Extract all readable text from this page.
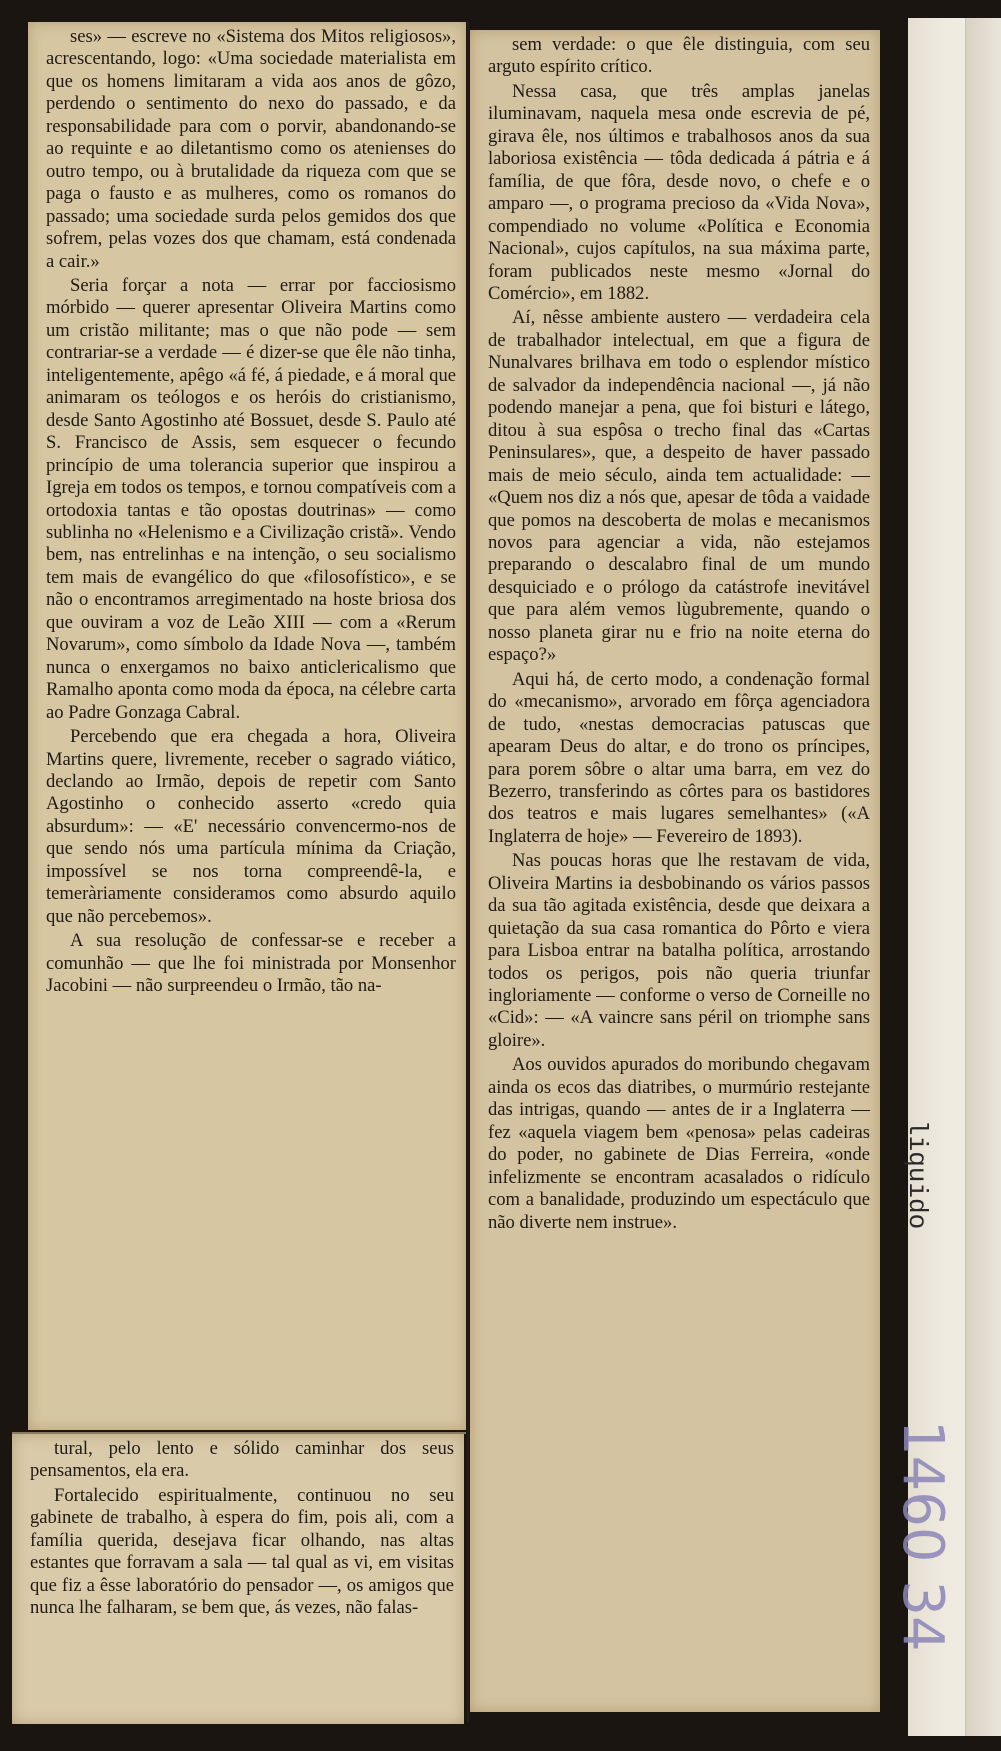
liquido
1460 34

ses» — escreve no «Sistema dos Mitos religiosos», acrescentando, logo: «Uma sociedade materialista em que os homens limitaram a vida aos anos de gôzo, perdendo o sentimento do nexo do passado, e da responsabilidade para com o porvir, abandonando-se ao requinte e ao diletantismo como os atenienses do outro tempo, ou à brutalidade da riqueza com que se paga o fausto e as mulheres, como os romanos do passado; uma sociedade surda pelos gemidos dos que sofrem, pelas vozes dos que chamam, está condenada a cair.»

Seria forçar a nota — errar por facciosismo mórbido — querer apresentar Oliveira Martins como um cristão militante; mas o que não pode — sem contrariar-se a verdade — é dizer-se que êle não tinha, inteligentemente, apêgo «á fé, á piedade, e á moral que animaram os teólogos e os heróis do cristianismo, desde Santo Agostinho até Bossuet, desde S. Paulo até S. Francisco de Assis, sem esquecer o fecundo princípio de uma tolerancia superior que inspirou a Igreja em todos os tempos, e tornou compatíveis com a ortodoxia tantas e tão opostas doutrinas» — como sublinha no «Helenismo e a Civilização cristã». Vendo bem, nas entrelinhas e na intenção, o seu socialismo tem mais de evangélico do que «filosofístico», e se não o encontramos arregimentado na hoste briosa dos que ouviram a voz de Leão XIII — com a «Rerum Novarum», como símbolo da Idade Nova —, também nunca o enxergamos no baixo anticlericalismo que Ramalho aponta como moda da época, na célebre carta ao Padre Gonzaga Cabral.

Percebendo que era chegada a hora, Oliveira Martins quere, livremente, receber o sagrado viático, declando ao Irmão, depois de repetir com Santo Agostinho o conhecido asserto «credo quia absurdum»: — «E' necessário convencermo-nos de que sendo nós uma partícula mínima da Criação, impossível se nos torna compreendê-la, e temeràriamente consideramos como absurdo aquilo que não percebemos».

A sua resolução de confessar-se e receber a comunhão — que lhe foi ministrada por Monsenhor Jacobini — não surpreendeu o Irmão, tão na-

sem verdade: o que êle distinguia, com seu arguto espírito crítico.

Nessa casa, que três amplas janelas iluminavam, naquela mesa onde escrevia de pé, girava êle, nos últimos e trabalhosos anos da sua laboriosa existência — tôda dedicada á pátria e á família, de que fôra, desde novo, o chefe e o amparo —, o programa precioso da «Vida Nova», compendiado no volume «Política e Economia Nacional», cujos capítulos, na sua máxima parte, foram publicados neste mesmo «Jornal do Comércio», em 1882.

Aí, nêsse ambiente austero — verdadeira cela de trabalhador intelectual, em que a figura de Nunalvares brilhava em todo o esplendor místico de salvador da independência nacional —, já não podendo manejar a pena, que foi bisturi e látego, ditou à sua espôsa o trecho final das «Cartas Peninsulares», que, a despeito de haver passado mais de meio século, ainda tem actualidade: — «Quem nos diz a nós que, apesar de tôda a vaidade que pomos na descoberta de molas e mecanismos novos para agenciar a vida, não estejamos preparando o descalabro final de um mundo desquiciado e o prólogo da catástrofe inevitável que para além vemos lùgubremente, quando o nosso planeta girar nu e frio na noite eterna do espaço?»

Aqui há, de certo modo, a condenação formal do «mecanismo», arvorado em fôrça agenciadora de tudo, «nestas democracias patuscas que apearam Deus do altar, e do trono os príncipes, para porem sôbre o altar uma barra, em vez do Bezerro, transferindo as côrtes para os bastidores dos teatros e mais lugares semelhantes» («A Inglaterra de hoje» — Fevereiro de 1893).

Nas poucas horas que lhe restavam de vida, Oliveira Martins ia desbobinando os vários passos da sua tão agitada existência, desde que deixara a quietação da sua casa romantica do Pôrto e viera para Lisboa entrar na batalha política, arrostando todos os perigos, pois não queria triunfar ingloriamente — conforme o verso de Corneille no «Cid»: — «A vaincre sans péril on triomphe sans gloire».

Aos ouvidos apurados do moribundo chegavam ainda os ecos das diatribes, o murmúrio restejante das intrigas, quando — antes de ir a Inglaterra — fez «aquela viagem bem «penosa» pelas cadeiras do poder, no gabinete de Dias Ferreira, «onde infelizmente se encontram acasalados o ridículo com a banalidade, produzindo um espectáculo que não diverte nem instrue».

tural, pelo lento e sólido caminhar dos seus pensamentos, ela era.

Fortalecido espiritualmente, continuou no seu gabinete de trabalho, à espera do fim, pois ali, com a família querida, desejava ficar olhando, nas altas estantes que forravam a sala — tal qual as vi, em visitas que fiz a êsse laboratório do pensador —, os amigos que nunca lhe falharam, se bem que, ás vezes, não falas-
